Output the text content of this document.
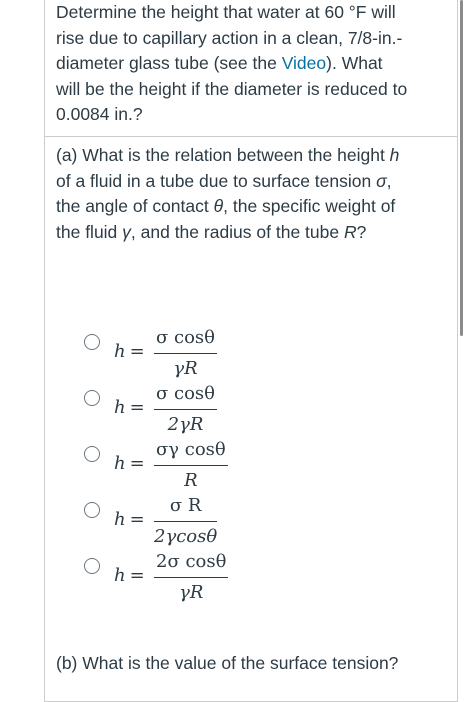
Determine the height that water at 60 °F will rise due to capillary action in a clean, 7/8-in.-diameter glass tube (see the Video). What will be the height if the diameter is reduced to 0.0084 in.?

(a) What is the relation between the height h of a fluid in a tube due to surface tension σ, the angle of contact θ, the specific weight of the fluid γ, and the radius of the tube R?

h =
σ cosθ
γR
h =
σ cosθ
2γR
h =
σγ cosθ
R
h =
σ R
2γcosθ
h =
2σ cosθ
γR

(b) What is the value of the surface tension?
